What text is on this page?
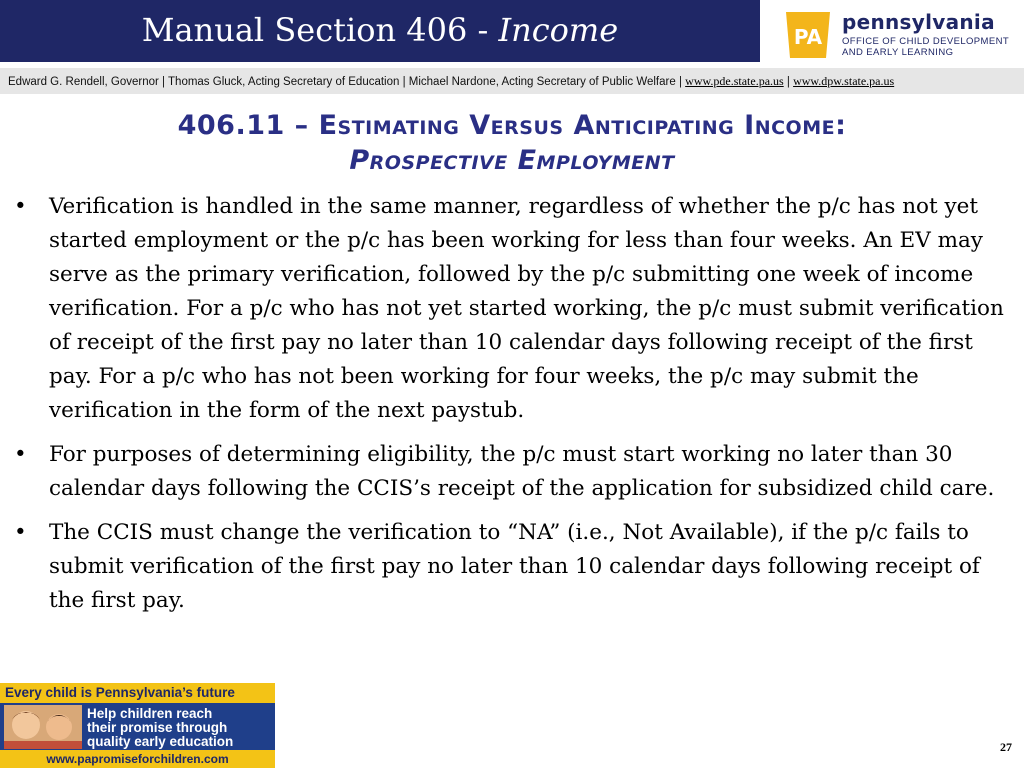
Manual Section 406 - Income	PA
pennsylvania
OFFICE OF CHILD DEVELOPMENT
AND EARLY LEARNING
Edward G. Rendell, Governor | Thomas Gluck, Acting Secretary of Education | Michael Nardone, Acting Secretary of Public Welfare | www.pde.state.pa.us | www.dpw.state.pa.us
406.11 – Estimating Versus Anticipating Income:
Prospective Employment
• Verification is handled in the same manner, regardless of whether the p/c has not yet started employment or the p/c has been working for less than four weeks. An EV may serve as the primary verification, followed by the p/c submitting one week of income verification. For a p/c who has not yet started working, the p/c must submit verification of receipt of the first pay no later than 10 calendar days following receipt of the first pay. For a p/c who has not been working for four weeks, the p/c may submit the verification in the form of the next paystub.
• For purposes of determining eligibility, the p/c must start working no later than 30 calendar days following the CCIS’s receipt of the application for subsidized child care.
• The CCIS must change the verification to “NA” (i.e., Not Available), if the p/c fails to submit verification of the first pay no later than 10 calendar days following receipt of the first pay.
Every child is Pennsylvania’s future
Help children reach
their promise through
quality early education
www.papromiseforchildren.com
27
